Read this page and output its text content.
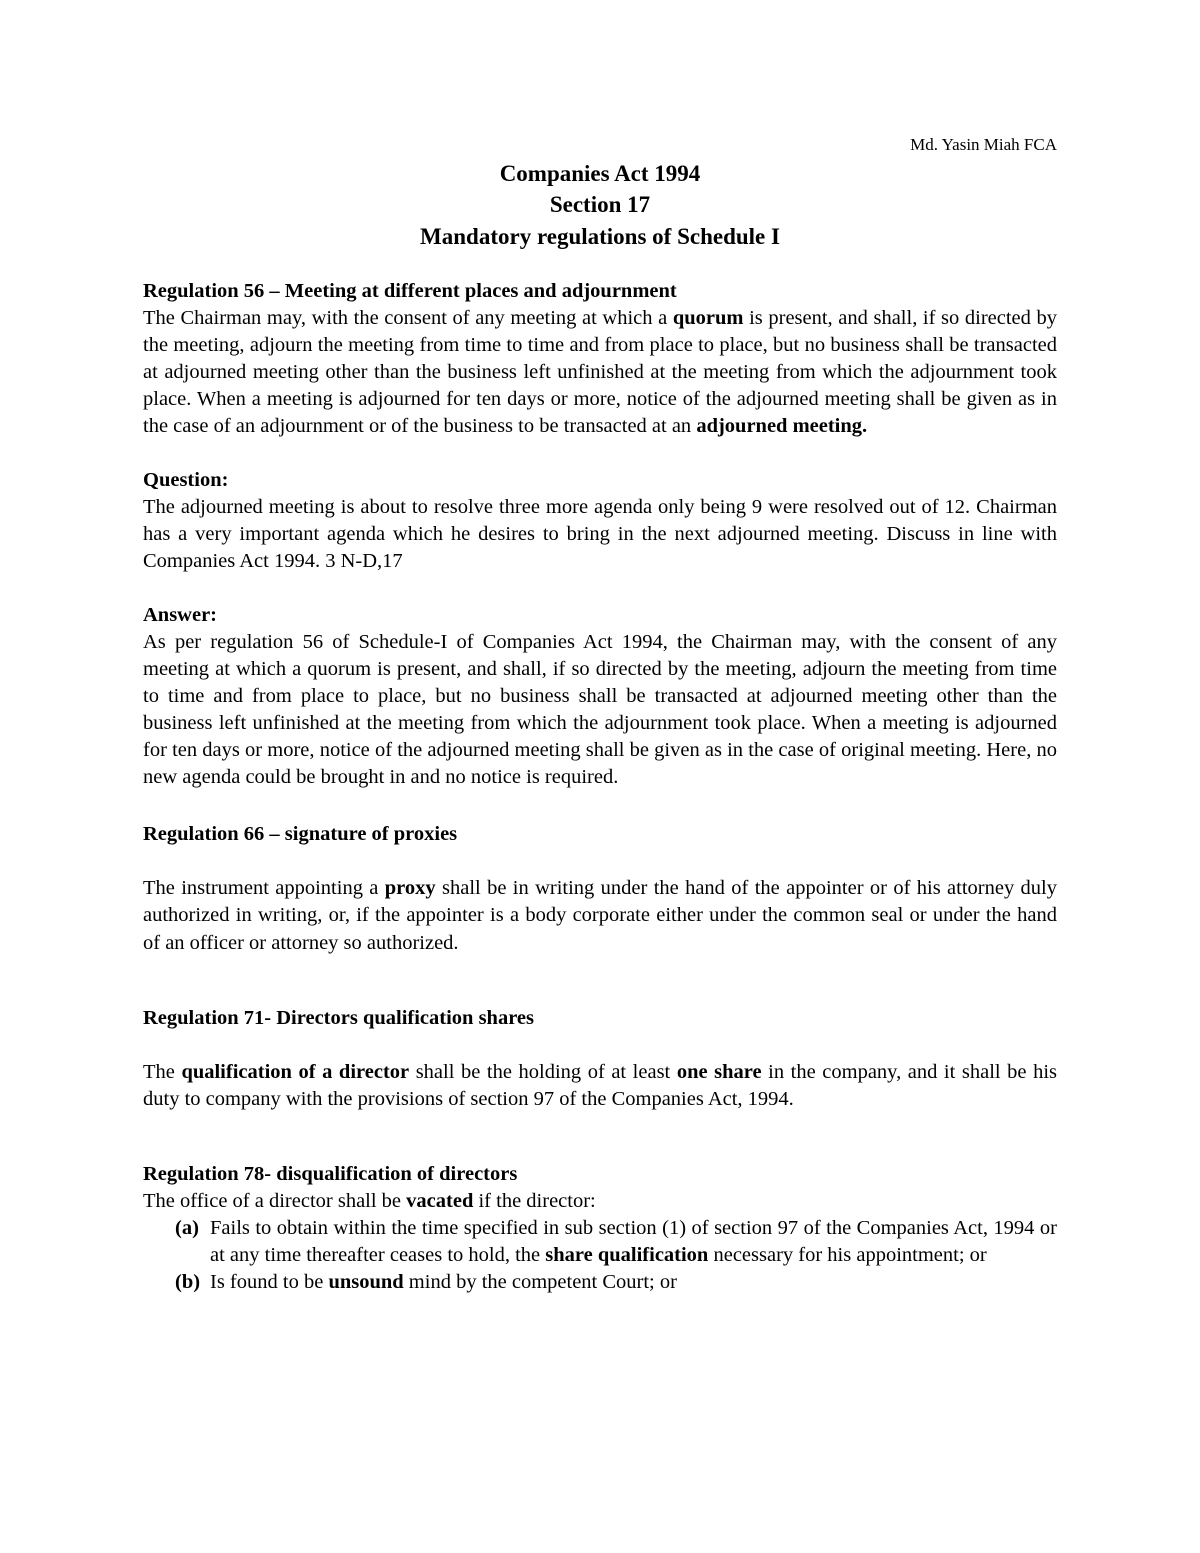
Md. Yasin Miah FCA
Companies Act 1994
Section 17
Mandatory regulations of Schedule I
Regulation 56 – Meeting at different places and adjournment

The Chairman may, with the consent of any meeting at which a quorum is present, and shall, if so directed by the meeting, adjourn the meeting from time to time and from place to place, but no business shall be transacted at adjourned meeting other than the business left unfinished at the meeting from which the adjournment took place. When a meeting is adjourned for ten days or more, notice of the adjourned meeting shall be given as in the case of an adjournment or of the business to be transacted at an adjourned meeting.

Question:

The adjourned meeting is about to resolve three more agenda only being 9 were resolved out of 12. Chairman has a very important agenda which he desires to bring in the next adjourned meeting. Discuss in line with Companies Act 1994. 3 N-D,17

Answer:

As per regulation 56 of Schedule-I of Companies Act 1994, the Chairman may, with the consent of any meeting at which a quorum is present, and shall, if so directed by the meeting, adjourn the meeting from time to time and from place to place, but no business shall be transacted at adjourned meeting other than the business left unfinished at the meeting from which the adjournment took place. When a meeting is adjourned for ten days or more, notice of the adjourned meeting shall be given as in the case of original meeting. Here, no new agenda could be brought in and no notice is required.

Regulation 66 – signature of proxies

The instrument appointing a proxy shall be in writing under the hand of the appointer or of his attorney duly authorized in writing, or, if the appointer is a body corporate either under the common seal or under the hand of an officer or attorney so authorized.

Regulation 71- Directors qualification shares

The qualification of a director shall be the holding of at least one share in the company, and it shall be his duty to company with the provisions of section 97 of the Companies Act, 1994.

Regulation 78- disqualification of directors

The office of a director shall be vacated if the director:

(a) Fails to obtain within the time specified in sub section (1) of section 97 of the Companies Act, 1994 or at any time thereafter ceases to hold, the share qualification necessary for his appointment; or
(b) Is found to be unsound mind by the competent Court; or
